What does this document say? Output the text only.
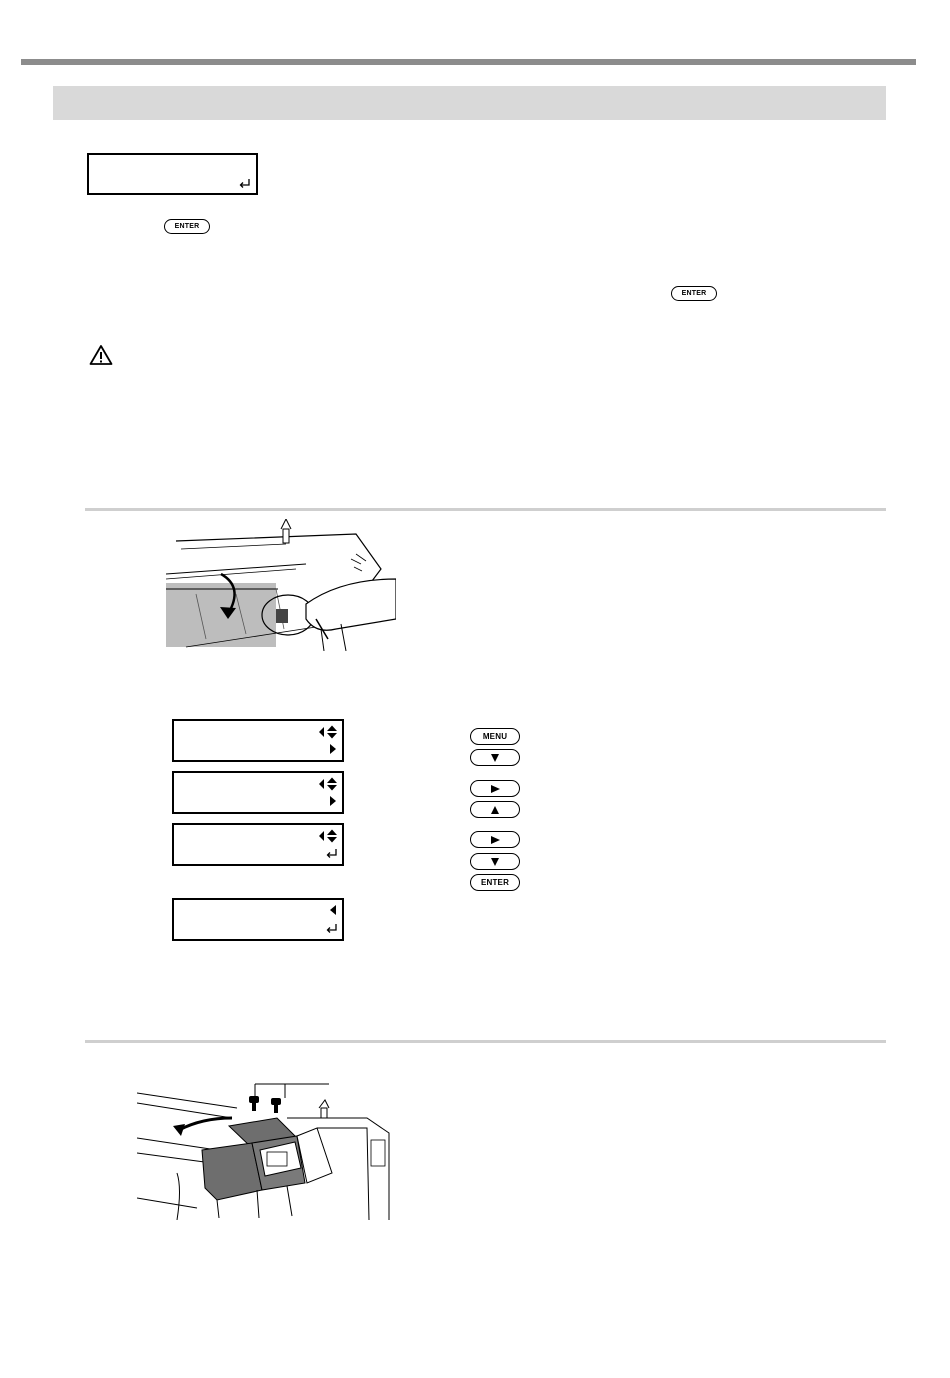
ENTER
ENTER
MENU
ENTER
